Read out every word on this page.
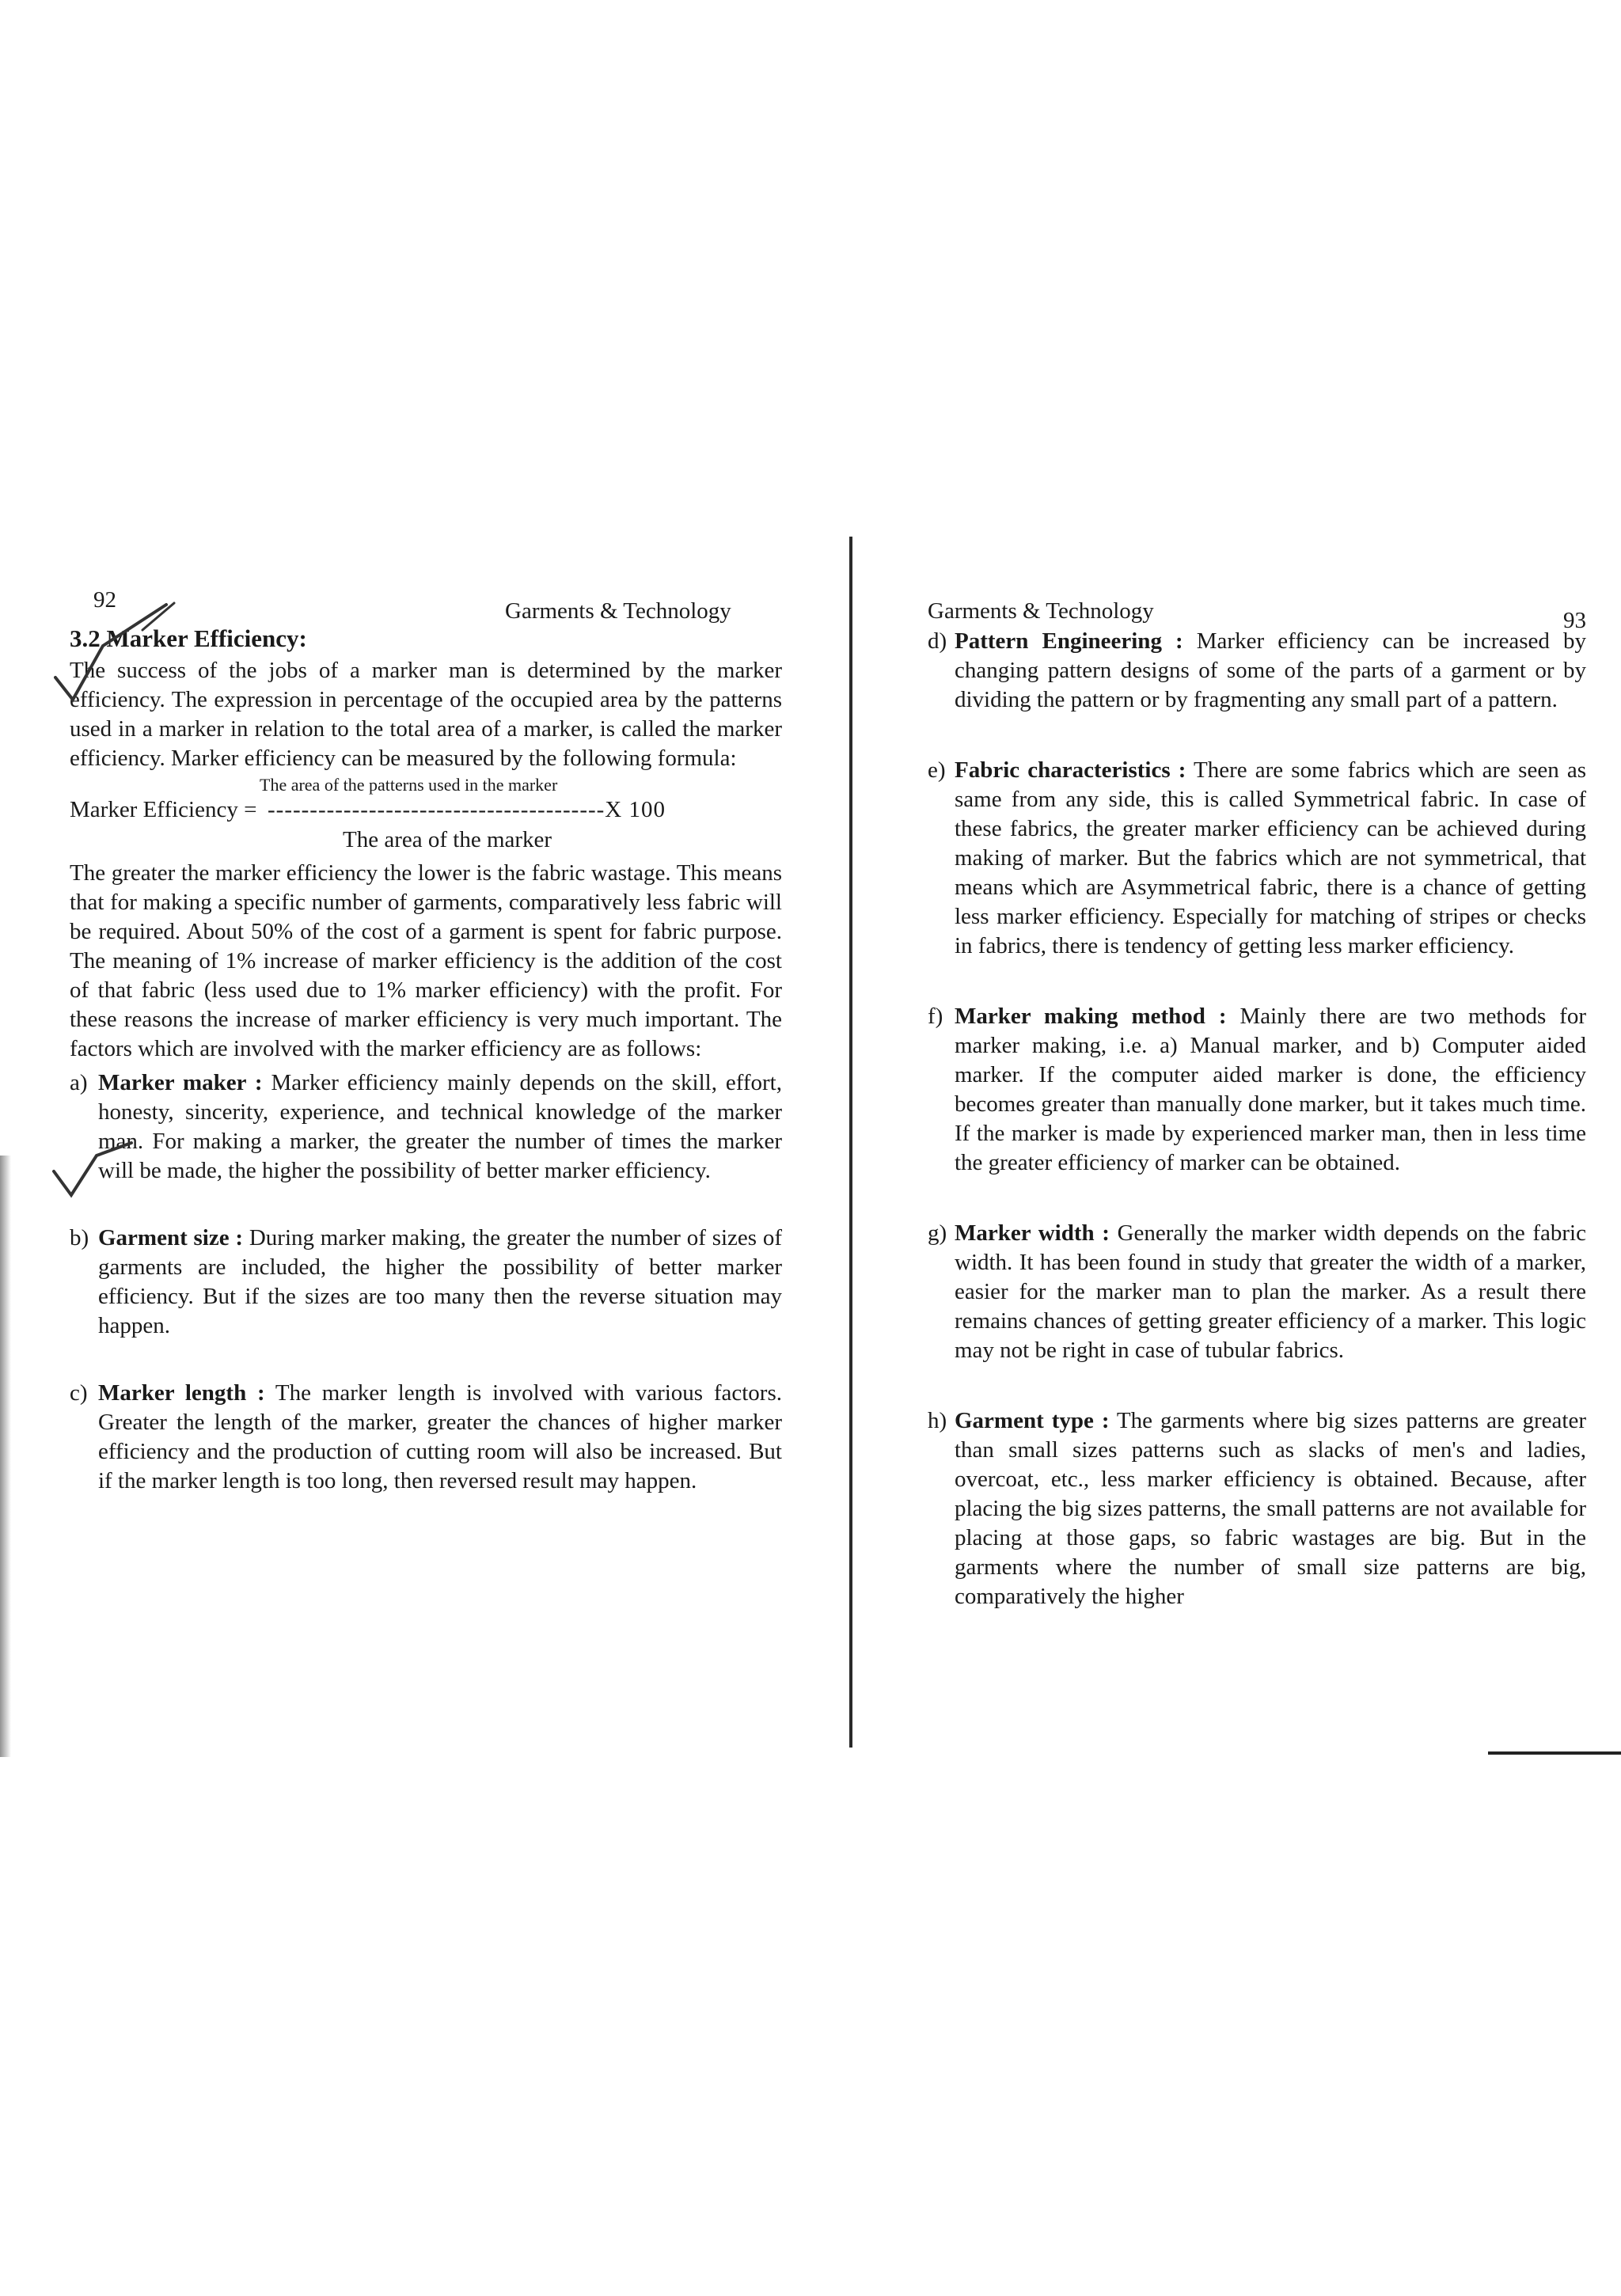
92	Garments & Technology
3.2 Marker Efficiency:

The success of the jobs of a marker man is determined by the marker efficiency. The expression in percentage of the occupied area by the patterns used in a marker in relation to the total area of a marker, is called the marker efficiency. Marker efficiency can be measured by the following formula:

The area of the patterns used in the marker
Marker Efficiency = ----------------------------------------X 100
The area of the marker

The greater the marker efficiency the lower is the fabric wastage. This means that for making a specific number of garments, comparatively less fabric will be required. About 50% of the cost of a garment is spent for fabric purpose. The meaning of 1% increase of marker efficiency is the addition of the cost of that fabric (less used due to 1% marker efficiency) with the profit. For these reasons the increase of marker efficiency is very much important. The factors which are involved with the marker efficiency are as follows:

a) Marker maker : Marker efficiency mainly depends on the skill, effort, honesty, sincerity, experience, and technical knowledge of the marker man. For making a marker, the greater the number of times the marker will be made, the higher the possibility of better marker efficiency.

b) Garment size : During marker making, the greater the number of sizes of garments are included, the higher the possibility of better marker efficiency. But if the sizes are too many then the reverse situation may happen.

c) Marker length : The marker length is involved with various factors. Greater the length of the marker, greater the chances of higher marker efficiency and the production of cutting room will also be increased. But if the marker length is too long, then reversed result may happen.

Garments & Technology	93
d) Pattern Engineering : Marker efficiency can be increased by changing pattern designs of some of the parts of a garment or by dividing the pattern or by fragmenting any small part of a pattern.

e) Fabric characteristics : There are some fabrics which are seen as same from any side, this is called Symmetrical fabric. In case of these fabrics, the greater marker efficiency can be achieved during making of marker. But the fabrics which are not symmetrical, that means which are Asymmetrical fabric, there is a chance of getting less marker efficiency. Especially for matching of stripes or checks in fabrics, there is tendency of getting less marker efficiency.

f) Marker making method : Mainly there are two methods for marker making, i.e. a) Manual marker, and b) Computer aided marker. If the computer aided marker is done, the efficiency becomes greater than manually done marker, but it takes much time. If the marker is made by experienced marker man, then in less time the greater efficiency of marker can be obtained.

g) Marker width : Generally the marker width depends on the fabric width. It has been found in study that greater the width of a marker, easier for the marker man to plan the marker. As a result there remains chances of getting greater efficiency of a marker. This logic may not be right in case of tubular fabrics.

h) Garment type : The garments where big sizes patterns are greater than small sizes patterns such as slacks of men's and ladies, overcoat, etc., less marker efficiency is obtained. Because, after placing the big sizes patterns, the small patterns are not available for placing at those gaps, so fabric wastages are big. But in the garments where the number of small size patterns are big, comparatively the higher
